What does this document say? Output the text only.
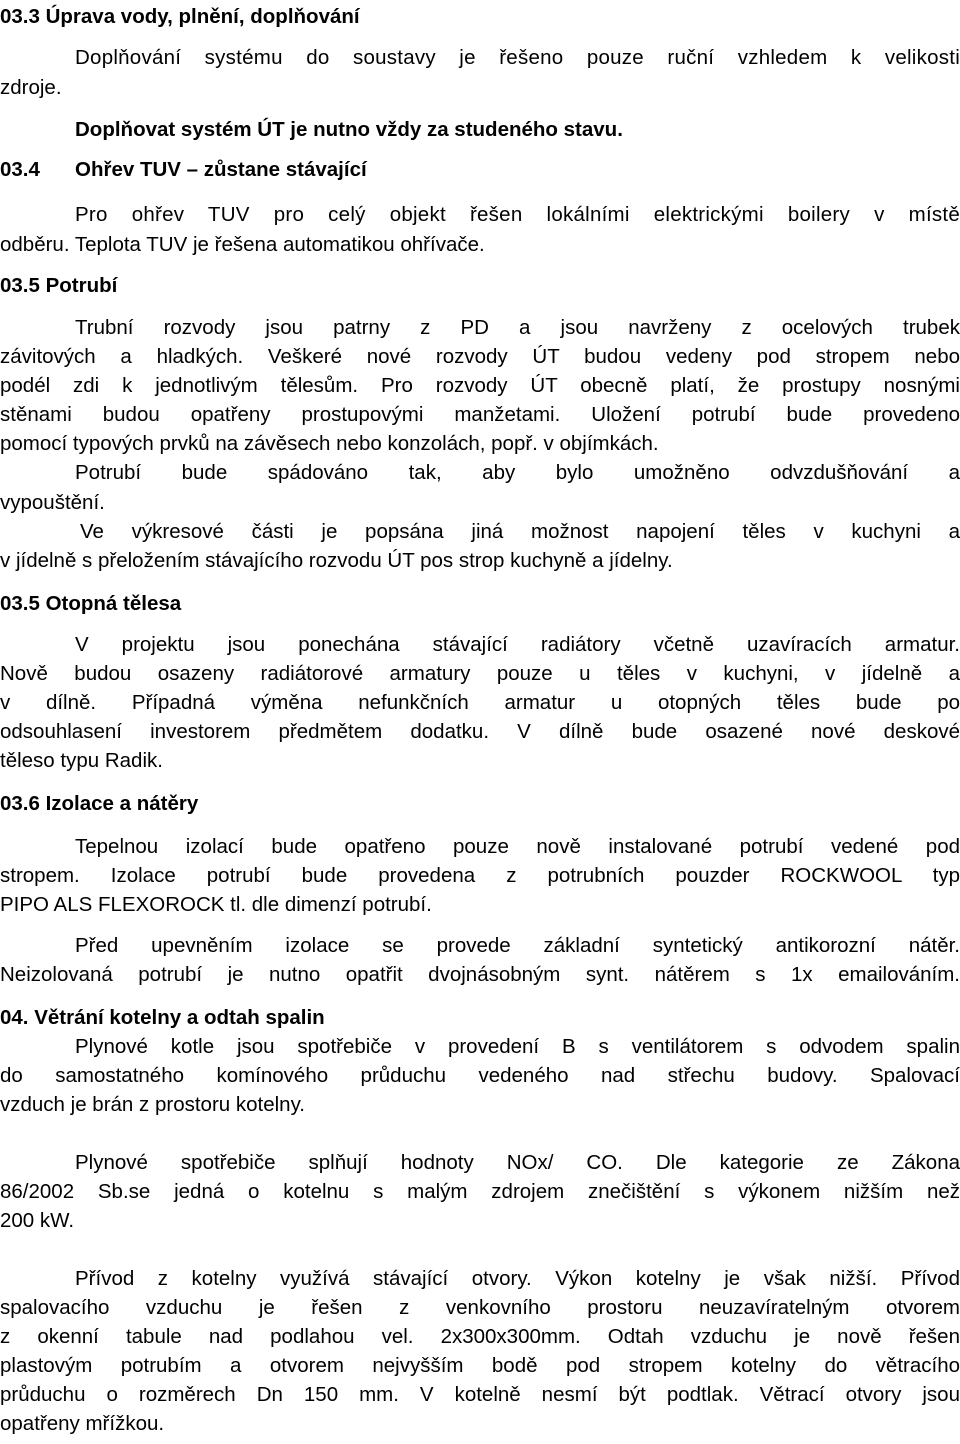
03.3 Úprava vody, plnění, doplňování
Doplňování systému do soustavy je řešeno pouze ruční vzhledem k velikosti
zdroje.
Doplňovat systém ÚT je nutno vždy za studeného stavu.
03.4 Ohřev TUV – zůstane stávající
Pro ohřev TUV pro celý objekt řešen lokálními elektrickými boilery v místě
odběru. Teplota TUV je řešena automatikou ohřívače.
03.5 Potrubí
Trubní rozvody jsou patrny z PD a jsou navrženy z ocelových trubek
závitových a hladkých. Veškeré nové rozvody ÚT budou vedeny pod stropem nebo
podél zdi k jednotlivým tělesům. Pro rozvody ÚT obecně platí, že prostupy nosnými
stěnami budou opatřeny prostupovými manžetami. Uložení potrubí bude provedeno
pomocí typových prvků na závěsech nebo konzolách, popř. v objímkách.
Potrubí bude spádováno tak, aby bylo umožněno odvzdušňování a
vypouštění.
Ve výkresové části je popsána jiná možnost napojení těles v kuchyni a
v jídelně s přeložením stávajícího rozvodu ÚT pos strop kuchyně a jídelny.
03.5 Otopná tělesa
V projektu jsou ponechána stávající radiátory včetně uzavíracích armatur.
Nově budou osazeny radiátorové armatury pouze u těles v kuchyni, v jídelně a
v dílně. Případná výměna nefunkčních armatur u otopných těles bude po
odsouhlasení investorem předmětem dodatku. V dílně bude osazené nové deskové
těleso typu Radik.
03.6 Izolace a nátěry
Tepelnou izolací bude opatřeno pouze nově instalované potrubí vedené pod
stropem. Izolace potrubí bude provedena z potrubních pouzder ROCKWOOL typ
PIPO ALS FLEXOROCK tl. dle dimenzí potrubí.
Před upevněním izolace se provede základní syntetický antikorozní nátěr.
Neizolovaná potrubí je nutno opatřit dvojnásobným synt. nátěrem s 1x emailováním.
04. Větrání kotelny a odtah spalin
Plynové kotle jsou spotřebiče v provedení B s ventilátorem s odvodem spalin
do samostatného komínového průduchu vedeného nad střechu budovy. Spalovací
vzduch je brán z prostoru kotelny.
Plynové spotřebiče splňují hodnoty NOx/ CO. Dle kategorie ze Zákona
86/2002 Sb.se jedná o kotelnu s malým zdrojem znečištění s výkonem nižším než
200 kW.
Přívod z kotelny využívá stávající otvory. Výkon kotelny je však nižší. Přívod
spalovacího vzduchu je řešen z venkovního prostoru neuzavíratelným otvorem
z okenní tabule nad podlahou vel. 2x300x300mm. Odtah vzduchu je nově řešen
plastovým potrubím a otvorem nejvyšším bodě pod stropem kotelny do větracího
průduchu o rozměrech Dn 150 mm. V kotelně nesmí být podtlak. Větrací otvory jsou
opatřeny mřížkou.
